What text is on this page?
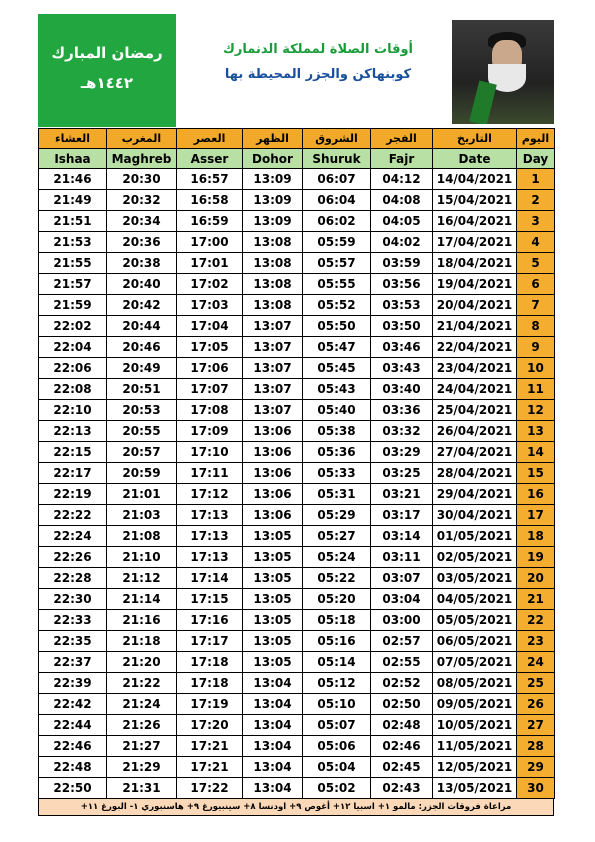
رمضان المبارك
١٤٤٢هـ
أوقات الصلاة لمملكة الدنمارك
كوبنهاكن والجزر المحيطة بها
العشاء	المغرب	العصر	الظهر	الشروق	الفجر	التاريخ	اليوم
Ishaa	Maghreb	Asser	Dohor	Shuruk	Fajr	Date	Day
21:46	20:30	16:57	13:09	06:07	04:12	14/04/2021	1
21:49	20:32	16:58	13:09	06:04	04:08	15/04/2021	2
21:51	20:34	16:59	13:09	06:02	04:05	16/04/2021	3
21:53	20:36	17:00	13:08	05:59	04:02	17/04/2021	4
21:55	20:38	17:01	13:08	05:57	03:59	18/04/2021	5
21:57	20:40	17:02	13:08	05:55	03:56	19/04/2021	6
21:59	20:42	17:03	13:08	05:52	03:53	20/04/2021	7
22:02	20:44	17:04	13:07	05:50	03:50	21/04/2021	8
22:04	20:46	17:05	13:07	05:47	03:46	22/04/2021	9
22:06	20:49	17:06	13:07	05:45	03:43	23/04/2021	10
22:08	20:51	17:07	13:07	05:43	03:40	24/04/2021	11
22:10	20:53	17:08	13:07	05:40	03:36	25/04/2021	12
22:13	20:55	17:09	13:06	05:38	03:32	26/04/2021	13
22:15	20:57	17:10	13:06	05:36	03:29	27/04/2021	14
22:17	20:59	17:11	13:06	05:33	03:25	28/04/2021	15
22:19	21:01	17:12	13:06	05:31	03:21	29/04/2021	16
22:22	21:03	17:13	13:06	05:29	03:17	30/04/2021	17
22:24	21:08	17:13	13:05	05:27	03:14	01/05/2021	18
22:26	21:10	17:13	13:05	05:24	03:11	02/05/2021	19
22:28	21:12	17:14	13:05	05:22	03:07	03/05/2021	20
22:30	21:14	17:15	13:05	05:20	03:04	04/05/2021	21
22:33	21:16	17:16	13:05	05:18	03:00	05/05/2021	22
22:35	21:18	17:17	13:05	05:16	02:57	06/05/2021	23
22:37	21:20	17:18	13:05	05:14	02:55	07/05/2021	24
22:39	21:22	17:18	13:04	05:12	02:52	08/05/2021	25
22:42	21:24	17:19	13:04	05:10	02:50	09/05/2021	26
22:44	21:26	17:20	13:04	05:07	02:48	10/05/2021	27
22:46	21:27	17:21	13:04	05:06	02:46	11/05/2021	28
22:48	21:29	17:21	13:04	05:04	02:45	12/05/2021	29
22:50	21:31	17:22	13:04	05:02	02:43	13/05/2021	30
مراعاة فروقات الجزر: مالمو ١+ اسبيا ١٢+ أغوص ٩+ اودنسا ٨+ سينبيورغ ٩+ هاسنبوري ١- البورغ ١١+
